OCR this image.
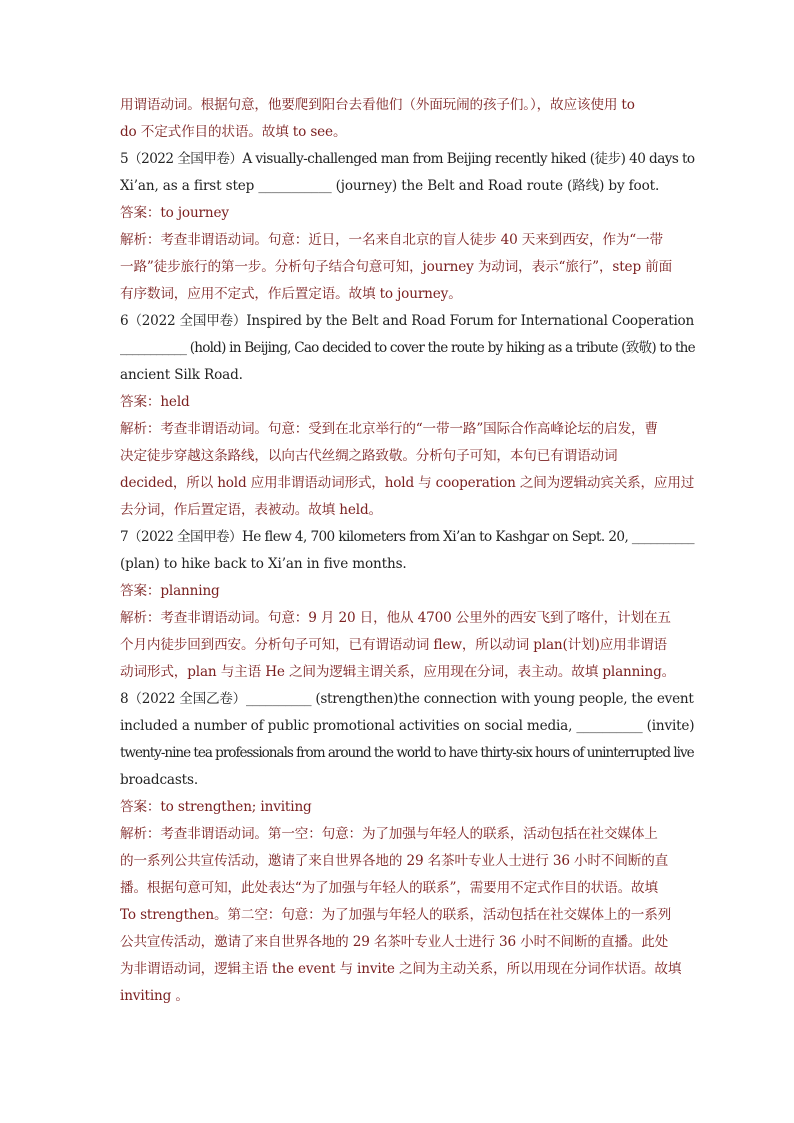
用谓语动词。根据句意，他要爬到阳台去看他们（外面玩闹的孩子们。），故应该使用 to
do 不定式作目的状语。故填 to see。
5（2022 全国甲卷）A visually-challenged man from Beijing recently hiked (徒步) 40 days to
Xi’an, as a first step ___________ (journey) the Belt and Road route (路线) by foot.
答案：to journey
解析：考查非谓语动词。句意：近日，一名来自北京的盲人徒步 40 天来到西安，作为“一带
一路”徒步旅行的第一步。分析句子结合句意可知，journey 为动词，表示“旅行”，step 前面
有序数词，应用不定式，作后置定语。故填 to journey。
6（2022 全国甲卷）Inspired by the Belt and Road Forum for International Cooperation
___________ (hold) in Beijing, Cao decided to cover the route by hiking as a tribute (致敬) to the
ancient Silk Road.
答案：held
解析：考查非谓语动词。句意：受到在北京举行的“一带一路”国际合作高峰论坛的启发，曹
决定徒步穿越这条路线，以向古代丝绸之路致敬。分析句子可知，本句已有谓语动词
decided，所以 hold 应用非谓语动词形式，hold 与 cooperation 之间为逻辑动宾关系，应用过
去分词，作后置定语，表被动。故填 held。
7（2022 全国甲卷）He flew 4, 700 kilometers from Xi’an to Kashgar on Sept. 20, __________
(plan) to hike back to Xi’an in five months.
答案：planning
解析：考查非谓语动词。句意：9 月 20 日，他从 4700 公里外的西安飞到了喀什，计划在五
个月内徒步回到西安。分析句子可知，已有谓语动词 flew，所以动词 plan(计划)应用非谓语
动词形式，plan 与主语 He 之间为逻辑主谓关系，应用现在分词，表主动。故填 planning。
8（2022 全国乙卷）__________ (strengthen)the connection with young people, the event
included a number of public promotional activities on social media, __________ (invite)
twenty-nine tea professionals from around the world to have thirty-six hours of uninterrupted live
broadcasts.
答案：to strengthen; inviting
解析：考查非谓语动词。第一空：句意：为了加强与年轻人的联系，活动包括在社交媒体上
的一系列公共宣传活动，邀请了来自世界各地的 29 名茶叶专业人士进行 36 小时不间断的直
播。根据句意可知，此处表达“为了加强与年轻人的联系”，需要用不定式作目的状语。故填
To strengthen。第二空：句意：为了加强与年轻人的联系，活动包括在社交媒体上的一系列
公共宣传活动，邀请了来自世界各地的 29 名茶叶专业人士进行 36 小时不间断的直播。此处
为非谓语动词，逻辑主语 the event 与 invite 之间为主动关系，所以用现在分词作状语。故填
inviting 。
